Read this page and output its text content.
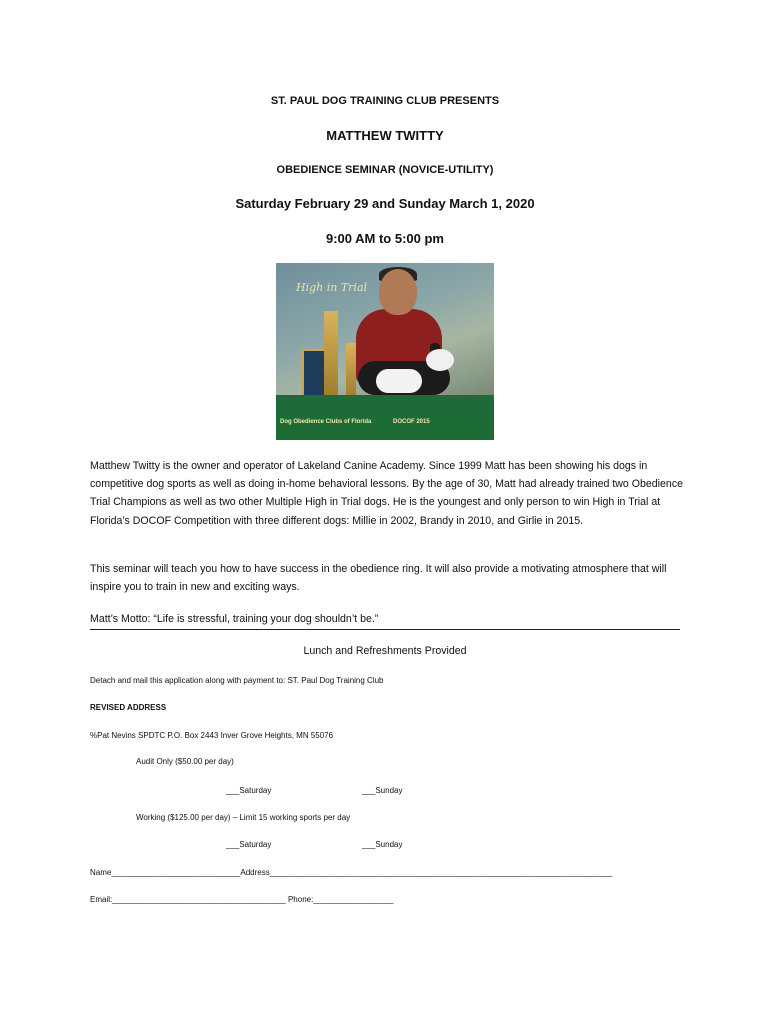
ST. PAUL DOG TRAINING CLUB PRESENTS
MATTHEW TWITTY
OBEDIENCE SEMINAR (NOVICE-UTILITY)
Saturday February 29 and Sunday March 1, 2020
9:00 AM to 5:00 pm
High in Trial
Dog Obedience Clubs of Florida	DOCOF 2015
Matthew Twitty is the owner and operator of Lakeland Canine Academy. Since 1999 Matt has been showing his dogs in competitive dog sports as well as doing in-home behavioral lessons. By the age of 30, Matt had already trained two Obedience Trial Champions as well as two other Multiple High in Trial dogs. He is the youngest and only person to win High in Trial at Florida’s DOCOF Competition with three different dogs: Millie in 2002, Brandy in 2010, and Girlie in 2015.
This seminar will teach you how to have success in the obedience ring. It will also provide a motivating atmosphere that will inspire you to train in new and exciting ways.
Matt’s Motto: “Life is stressful, training your dog shouldn’t be.”
Lunch and Refreshments Provided
Detach and mail this application along with payment to: ST. Paul Dog Training Club
REVISED ADDRESS
%Pat Nevins SPDTC P.O. Box 2443 Inver Grove Heights, MN 55076
Audit Only ($50.00 per day)
___Saturday	___Sunday
Working ($125.00 per day) – Limit 15 working sports per day
___Saturday	___Sunday
Name_____________________________Address_____________________________________________________________________________
Email:_______________________________________ Phone:__________________
